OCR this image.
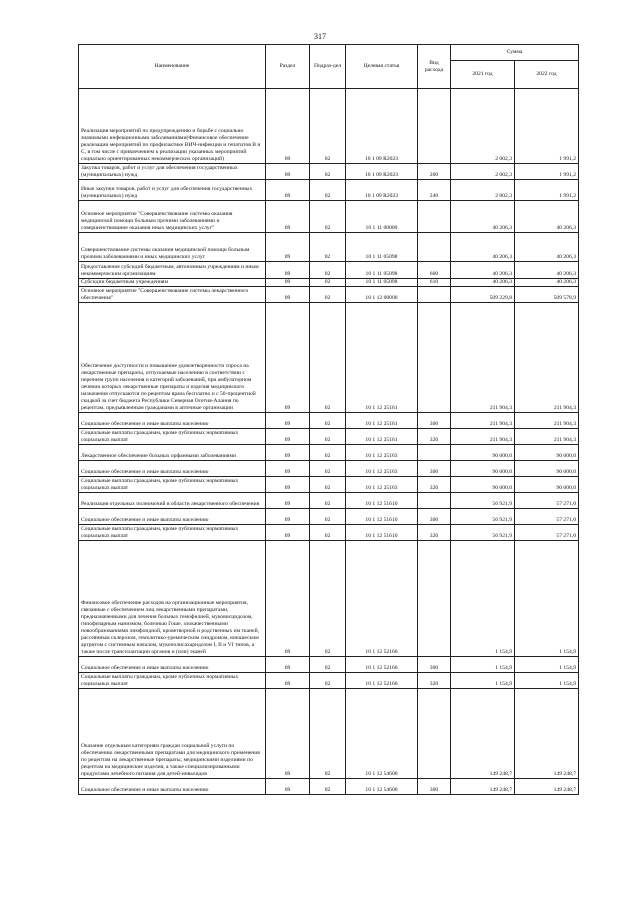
317
Наименование	Раздел	Подраз-дел	Целевая статья	Вид расхода	Сумма	
					2021 год	2022 год
Реализация мероприятий по предупреждению и борьбе с социально значимыми инфекционными заболеваниями(Финансовое обеспечение реализации мероприятий по профилактике ВИЧ-инфекции и гепатитов В и С, в том числе с привлечением к реализации указанных мероприятий социально ориентированных некоммерческих организаций)	09	02	10 1 09 R2023		2 002,3	1 991,2
Закупка товаров, работ и услуг для обеспечения государственных (муниципальных) нужд	09	02	10 1 09 R2023	200	2 002,3	1 991,2
Иные закупки товаров, работ и услуг для обеспечения государственных (муниципальных) нужд	09	02	10 1 09 R2023	240	2 002,3	1 991,2
Основное мероприятие "Совершенствование системы оказания медицинской помощи больным прочими заболеваниями и совершенствование оказания иных медицинских услуг"	09	02	10 1 11 00000		40 206,3	40 206,3
Совершенствование системы оказания медицинской помощи больным прочими заболеваниями и иных медицинских услуг	09	02	10 1 11 05098		40 206,3	40 206,3
Предоставление субсидий бюджетным, автономным учреждениям и иным некоммерческим организациям	09	02	10 1 11 05098	600	40 206,3	40 206,3
Субсидии бюджетным учреждениям	09	02	10 1 11 05098	610	40 206,3	40 206,3
Основное мероприятие "Совершенствование системы лекарственного обеспечения"	09	02	10 1 12 00000		509 229,8	509 578,9
Обеспечение доступности и повышение удовлетворенности спроса на лекарственные препараты, отпускаемые населению в соответствии с перечнем групп населения и категорий заболеваний, при амбулаторном лечении которых лекарственные препараты и изделия медицинского назначения отпускаются по рецептам врача бесплатно и с 50-процентной скидкой за счет бюджета Республики Северная Осетия-Алания по рецептам, предъявленным гражданами в аптечные организации	09	02	10 1 12 25161		211 904,3	211 904,3
Социальное обеспечение и иные выплаты населению	09	02	10 1 12 25161	300	211 904,3	211 904,3
Социальные выплаты гражданам, кроме публичных нормативных социальных выплат	09	02	10 1 12 25161	320	211 904,3	211 904,3
Лекарственное обеспечение больных орфанными заболеваниями	09	02	10 1 12 25163		90 000,0	90 000,0
Социальное обеспечение и иные выплаты населению	09	02	10 1 12 25163	300	90 000,0	90 000,0
Социальные выплаты гражданам, кроме публичных нормативных социальных выплат	09	02	10 1 12 25163	320	90 000,0	90 000,0
Реализация отдельных полномочий в области лекарственного обеспечения	09	02	10 1 12 51610		56 921,9	57 271,0
Социальное обеспечение и иные выплаты населению	09	02	10 1 12 51610	300	56 921,9	57 271,0
Социальные выплаты гражданам, кроме публичных нормативных социальных выплат	09	02	10 1 12 51610	320	56 921,9	57 271,0
Финансовое обеспечение расходов на организационные мероприятия, связанные с обеспечением лиц лекарственными препаратами, предназначенными для лечения больных гемофилией, муковисцидозом, гипофизарным нанизмом, болезнью Гоше, злокачественными новообразованиями лимфоидной, кроветворной и родственных им тканей, рассеянным склерозом, гемолитико-уремическим синдромом, юношеским артритом с системным началом, мукополисахаридозом I, II и VI типов, а также после трансплантации органов и (или) тканей	09	02	10 1 12 52160		1 154,9	1 154,9
Социальное обеспечение и иные выплаты населению	09	02	10 1 12 52160	300	1 154,9	1 154,9
Социальные выплаты гражданам, кроме публичных нормативных социальных выплат	09	02	10 1 12 52160	320	1 154,9	1 154,9
Оказание отдельным категориям граждан социальной услуги по обеспечению лекарственными препаратами для медицинского применения по рецептам на лекарственные препараты, медицинскими изделиями по рецептам на медицинские изделия, а также специализированными продуктами лечебного питания для детей-инвалидов	09	02	10 1 12 54600		149 248,7	149 248,7
Социальное обеспечение и иные выплаты населению	09	02	10 1 12 54600	300	149 248,7	149 248,7
